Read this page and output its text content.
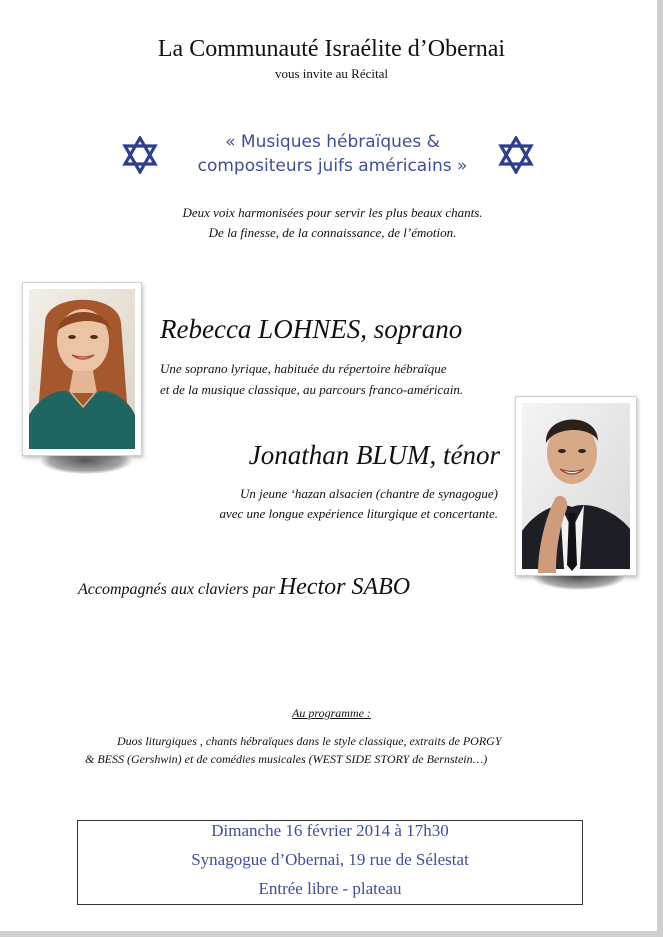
La Communauté Israélite d’Obernai
vous invite au Récital
« Musiques hébraïques &
compositeurs juifs américains »
Deux voix harmonisées pour servir les plus beaux chants.
De la finesse, de la connaissance, de l’émotion.
Rebecca LOHNES, soprano
Une soprano lyrique, habituée du répertoire hébraïque
et de la musique classique, au parcours franco-américain.
Jonathan BLUM, ténor
Un jeune ‘hazan alsacien (chantre de synagogue)
avec une longue expérience liturgique et concertante.
Accompagnés aux claviers par Hector SABO
Au programme :
Duos liturgiques , chants hébraïques dans le style classique, extraits de PORGY
& BESS (Gershwin) et de comédies musicales (WEST SIDE STORY de Bernstein…)
Dimanche 16 février 2014 à 17h30
Synagogue d’Obernai, 19 rue de Sélestat
Entrée libre - plateau
